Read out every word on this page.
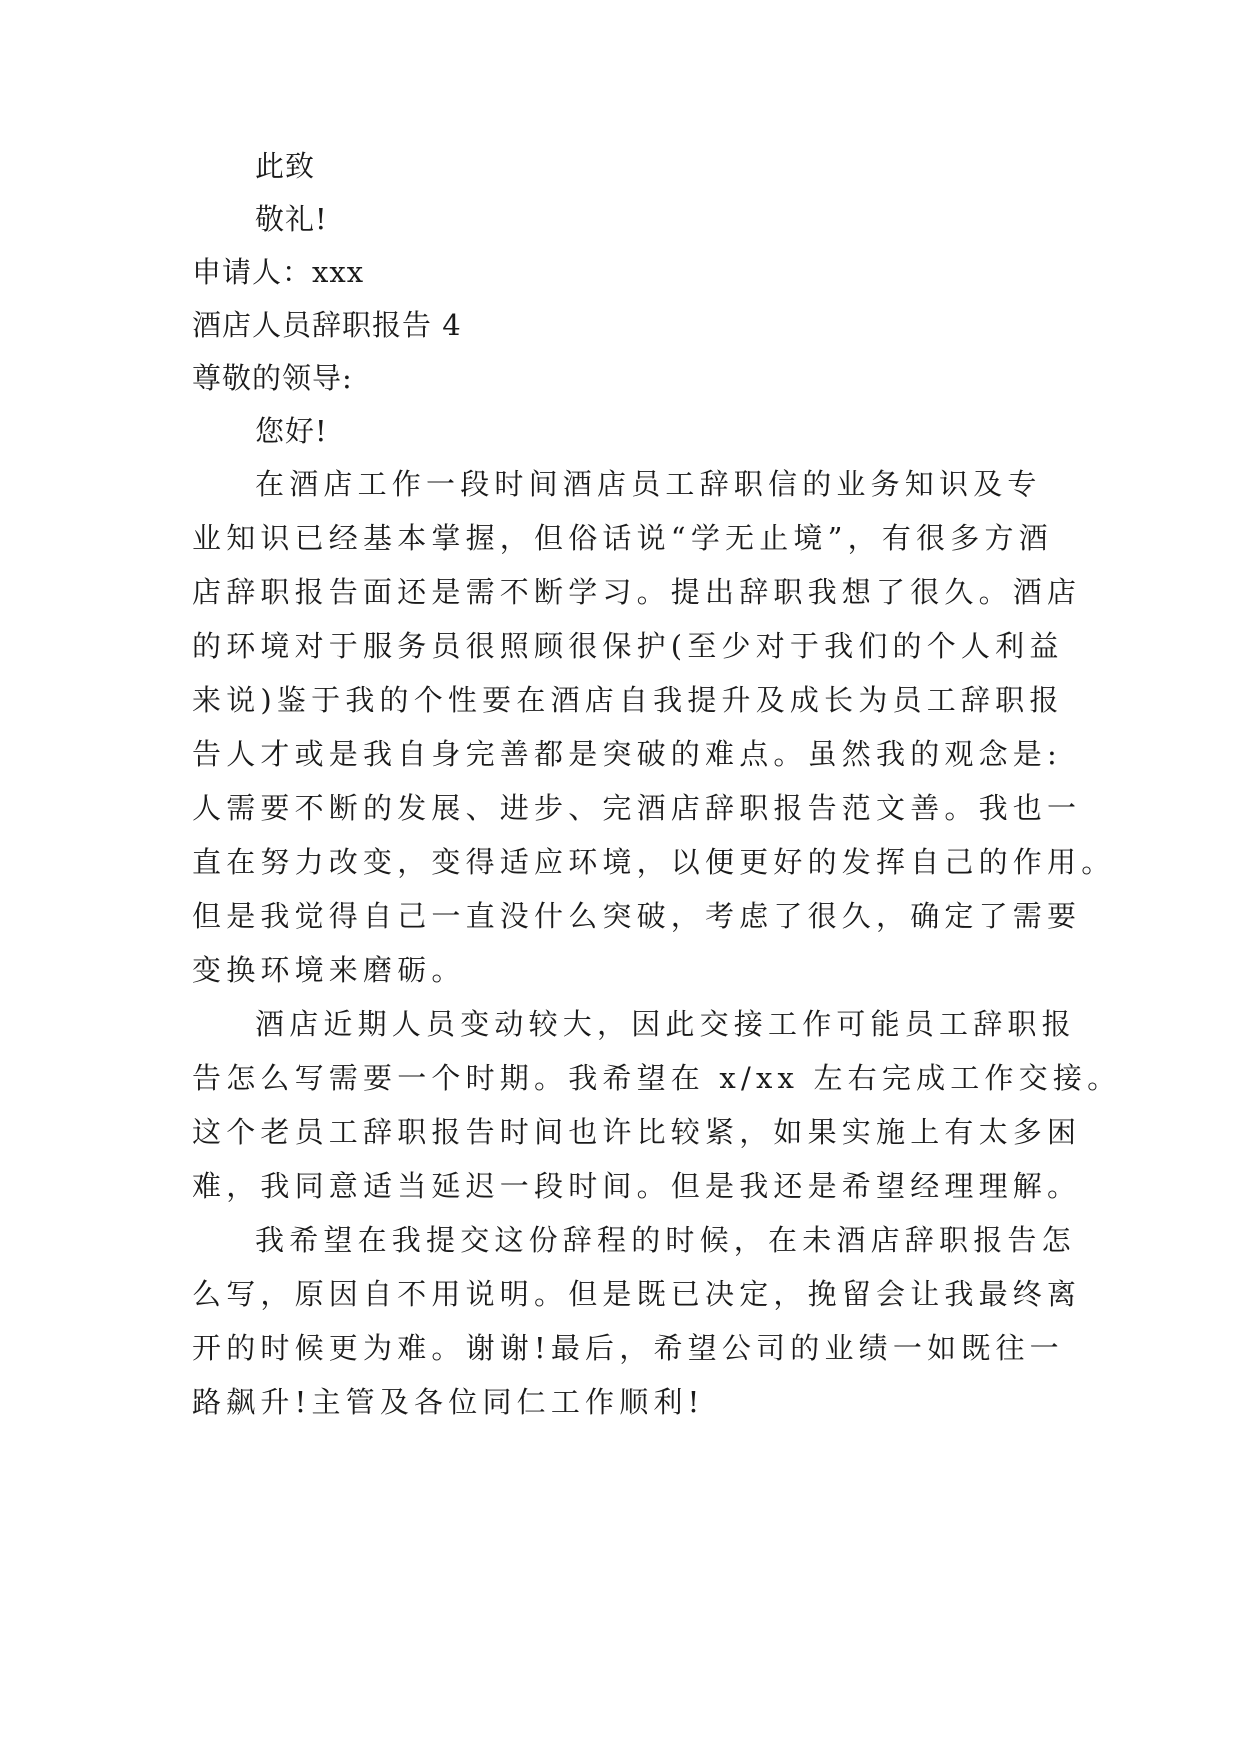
此致
敬礼!
申请人：xxx
酒店人员辞职报告 4
尊敬的领导:
您好!
在酒店工作一段时间酒店员工辞职信的业务知识及专
业知识已经基本掌握，但俗话说“学无止境”，有很多方酒
店辞职报告面还是需不断学习。提出辞职我想了很久。酒店
的环境对于服务员很照顾很保护(至少对于我们的个人利益
来说)鉴于我的个性要在酒店自我提升及成长为员工辞职报
告人才或是我自身完善都是突破的难点。虽然我的观念是:
人需要不断的发展、进步、完酒店辞职报告范文善。我也一
直在努力改变，变得适应环境，以便更好的发挥自己的作用。
但是我觉得自己一直没什么突破，考虑了很久，确定了需要
变换环境来磨砺。
酒店近期人员变动较大，因此交接工作可能员工辞职报
告怎么写需要一个时期。我希望在 x/xx 左右完成工作交接。
这个老员工辞职报告时间也许比较紧，如果实施上有太多困
难，我同意适当延迟一段时间。但是我还是希望经理理解。
我希望在我提交这份辞程的时候，在未酒店辞职报告怎
么写，原因自不用说明。但是既已决定，挽留会让我最终离
开的时候更为难。谢谢!最后，希望公司的业绩一如既往一
路飙升!主管及各位同仁工作顺利!
